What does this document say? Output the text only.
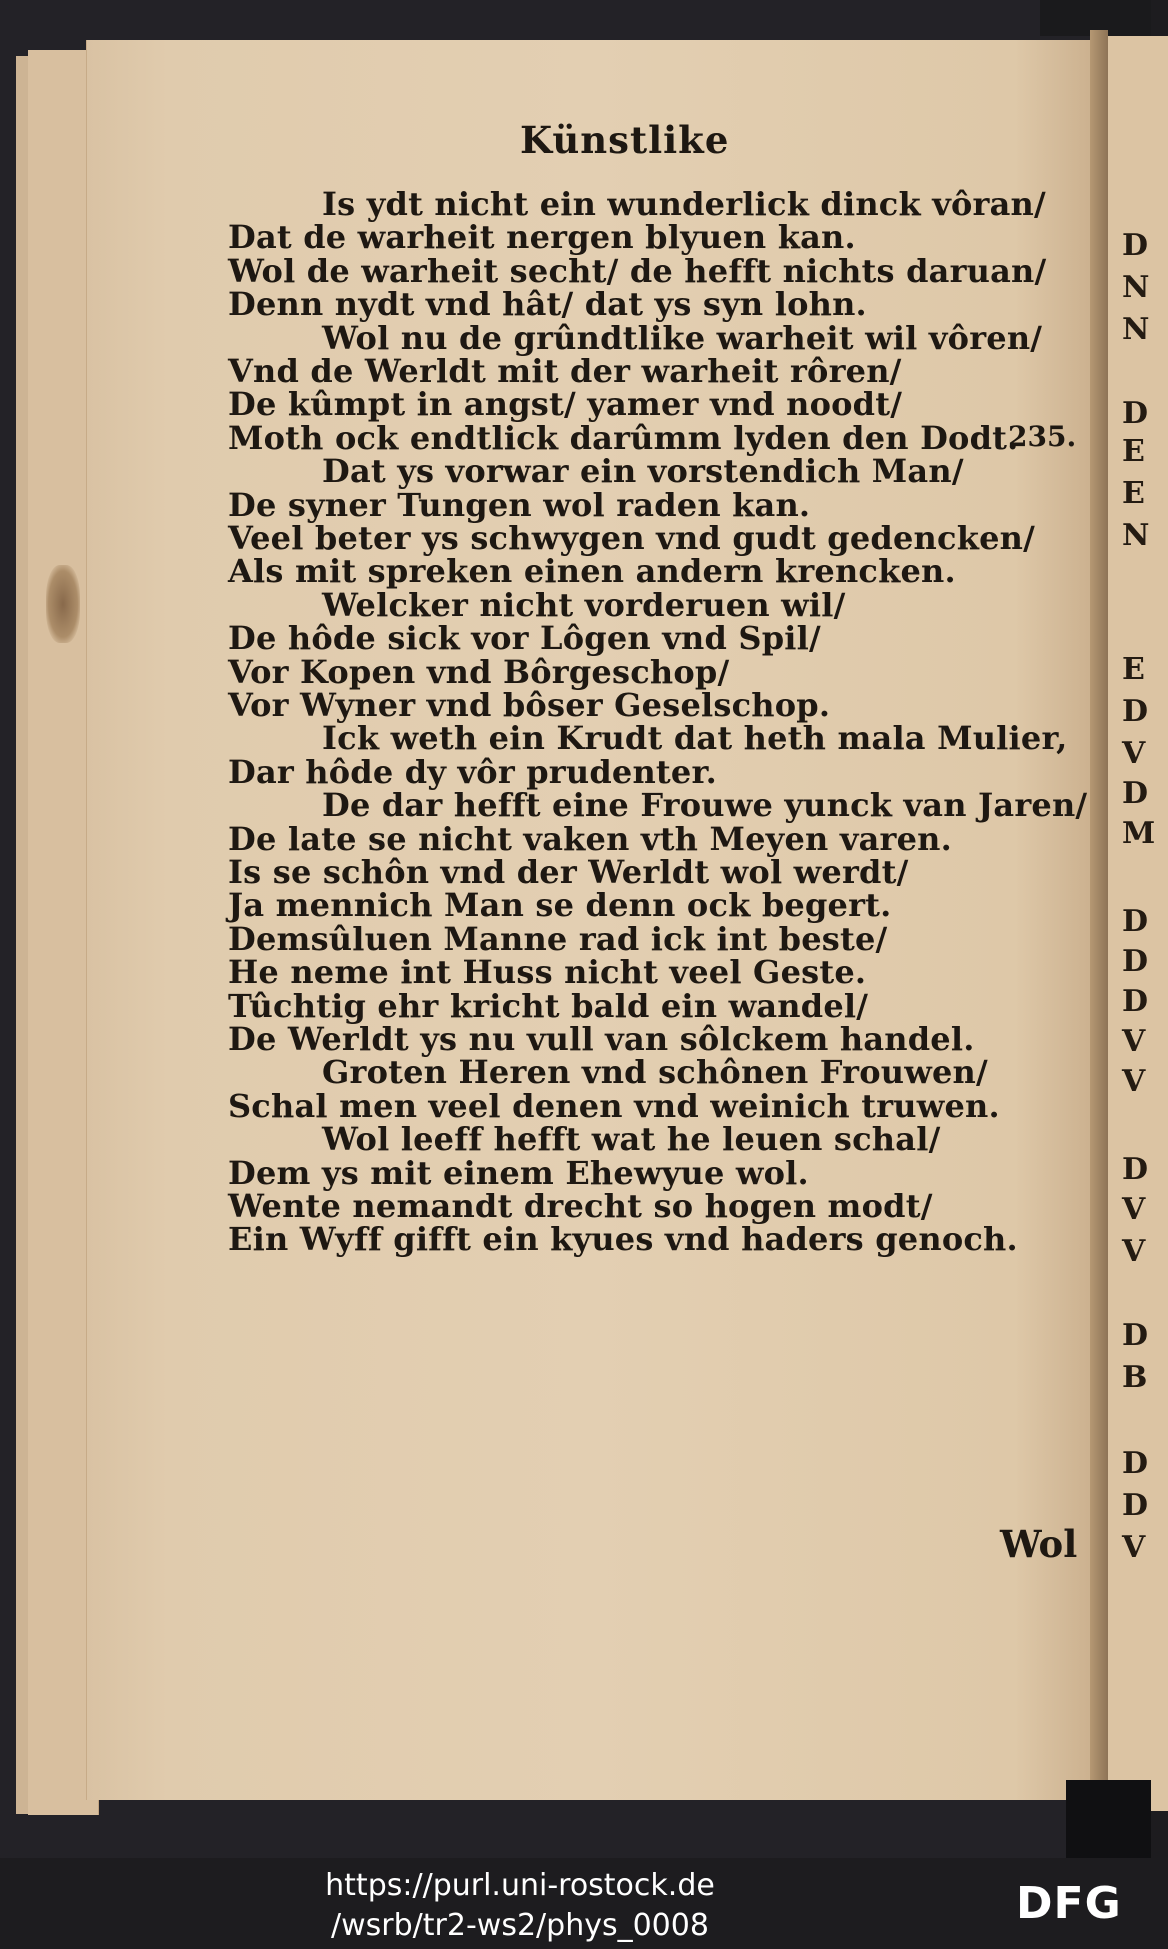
Künstlike
Is ydt nicht ein wunderlick dinck vôran/
Dat de warheit nergen blyuen kan.
Wol de warheit secht/ de hefft nichts daruan/
Denn nydt vnd hât/ dat ys syn lohn.
Wol nu de grûndtlike warheit wil vôren/
Vnd de Werldt mit der warheit rôren/
De kûmpt in angst/ yamer vnd noodt/
Moth ock endtlick darûmm lyden den Dodt.
Dat ys vorwar ein vorstendich Man/
De syner Tungen wol raden kan.
Veel beter ys schwygen vnd gudt gedencken/
Als mit spreken einen andern krencken.
Welcker nicht vorderuen wil/
De hôde sick vor Lôgen vnd Spil/
Vor Kopen vnd Bôrgeschop/
Vor Wyner vnd bôser Geselschop.
Ick weth ein Krudt dat heth mala Mulier,
Dar hôde dy vôr prudenter.
De dar hefft eine Frouwe yunck van Jaren/
De late se nicht vaken vth Meyen varen.
Is se schôn vnd der Werldt wol werdt/
Ja mennich Man se denn ock begert.
Demsûluen Manne rad ick int beste/
He neme int Huss nicht veel Geste.
Tûchtig ehr kricht bald ein wandel/
De Werldt ys nu vull van sôlckem handel.
Groten Heren vnd schônen Frouwen/
Schal men veel denen vnd weinich truwen.
Wol leeff hefft wat he leuen schal/
Dem ys mit einem Ehewyue wol.
Wente nemandt drecht so hogen modt/
Ein Wyff gifft ein kyues vnd haders genoch.
235.
Wol
D
N
N
D
E
E
N
E
D
V
D
M
D
D
D
V
V
D
V
V
D
B
D
D
V
https://purl.uni-rostock.de
/wsrb/tr2-ws2/phys_0008	DFG
